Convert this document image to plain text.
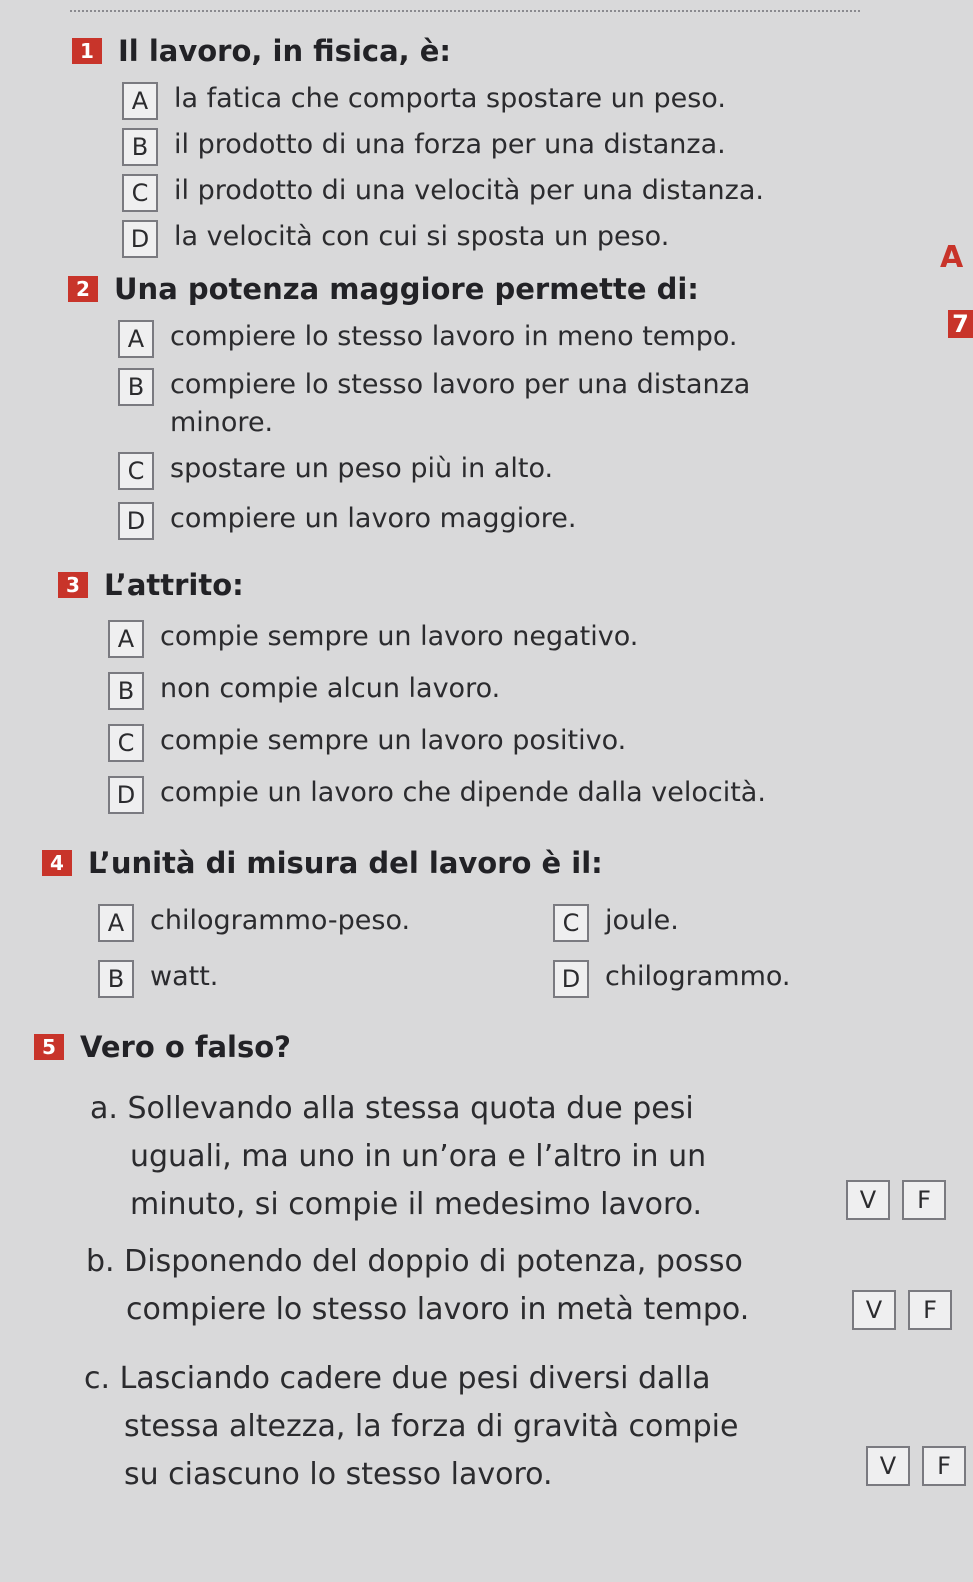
1 Il lavoro, in fisica, è:
A la fatica che comporta spostare un peso.
B il prodotto di una forza per una distanza.
C il prodotto di una velocità per una distanza.
D la velocità con cui si sposta un peso.
A
7
2 Una potenza maggiore permette di:
A compiere lo stesso lavoro in meno tempo.
B compiere lo stesso lavoro per una distanza minore.
C spostare un peso più in alto.
D compiere un lavoro maggiore.
3 L’attrito:
A compie sempre un lavoro negativo.
B non compie alcun lavoro.
C compie sempre un lavoro positivo.
D compie un lavoro che dipende dalla velocità.
4 L’unità di misura del lavoro è il:
A chilogrammo-peso.	C joule.
B watt.	D chilogrammo.
5 Vero o falso?
a. Sollevando alla stessa quota due pesi
uguali, ma uno in un’ora e l’altro in un
minuto, si compie il medesimo lavoro.	V	F
b. Disponendo del doppio di potenza, posso
compiere lo stesso lavoro in metà tempo.	V	F
c. Lasciando cadere due pesi diversi dalla
stessa altezza, la forza di gravità compie
su ciascuno lo stesso lavoro.	V	F
